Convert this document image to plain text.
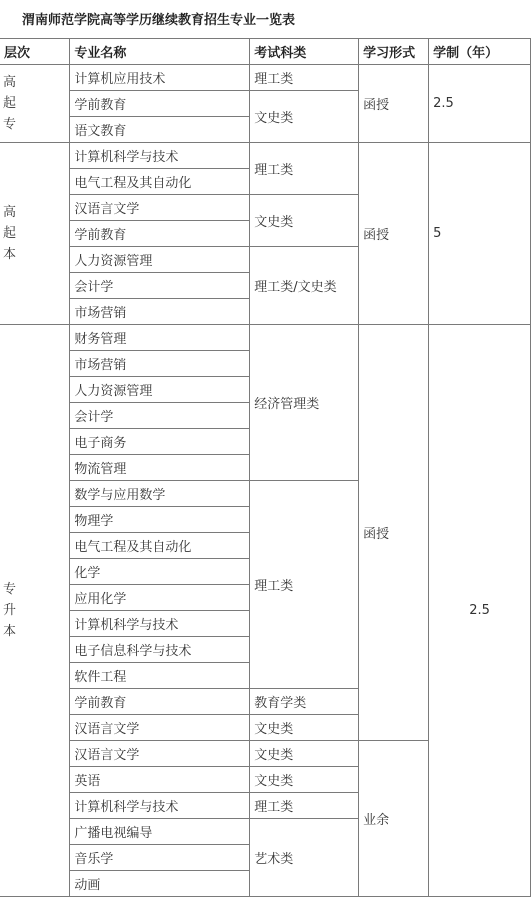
渭南师范学院高等学历继续教育招生专业一览表
层次	专业名称	考试科类	学习形式	学制（年）

高
起
专	计算机应用技术	理工类	函授	2.5
	学前教育	文史类		
	语文教育			

高
起
本	计算机科学与技术	理工类	函授	5
	电气工程及其自动化			
	汉语言文学	文史类		
	学前教育			
	人力资源管理	理工类/文史类		
	会计学			
	市场营销			

专
升
本	财务管理	经济管理类	函授	2.5
	市场营销			
	人力资源管理			
	会计学			
	电子商务			
	物流管理			
	数学与应用数学	理工类		
	物理学			
	电气工程及其自动化			
	化学			
	应用化学			
	计算机科学与技术			
	电子信息科学与技术			
	软件工程			
	学前教育	教育学类		
	汉语言文学	文史类		
	汉语言文学	文史类	业余	
	英语	文史类		
	计算机科学与技术	理工类		
	广播电视编导	艺术类		
	音乐学			
	动画			
